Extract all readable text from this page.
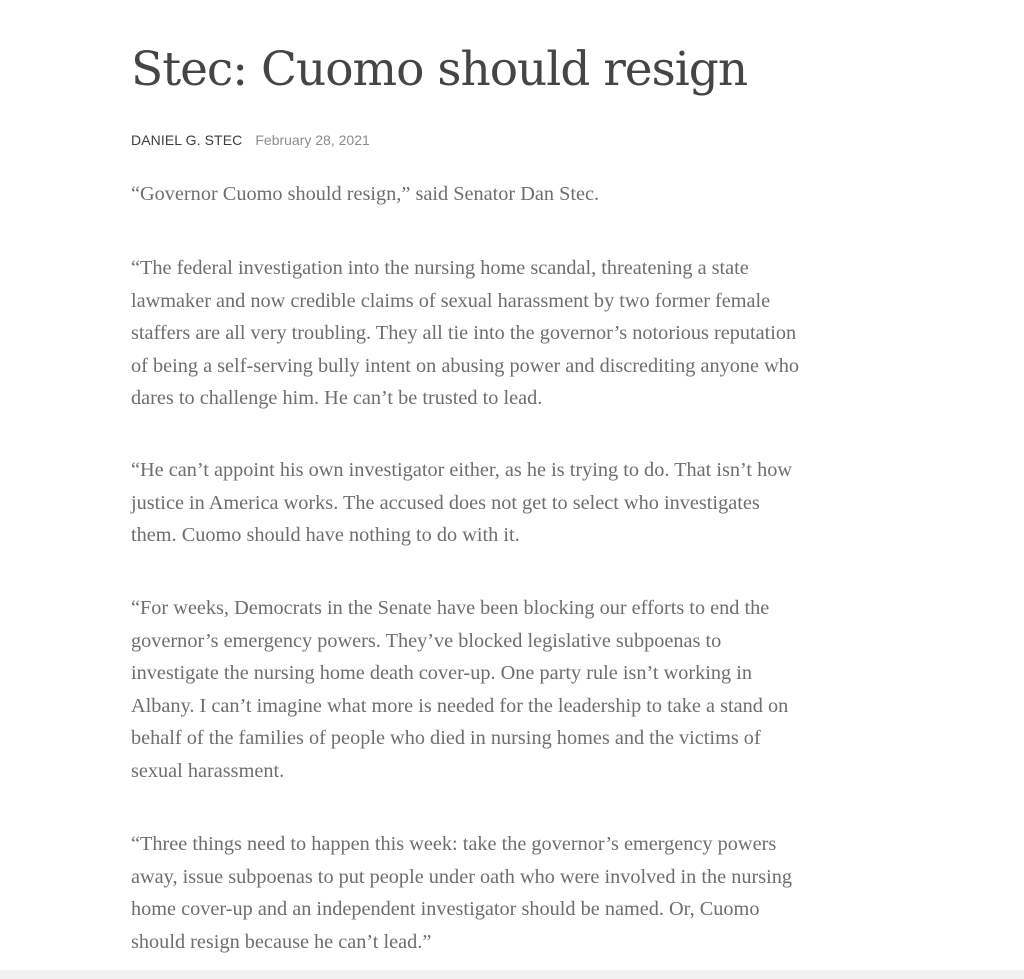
Stec: Cuomo should resign
DANIEL G. STEC February 28, 2021

“Governor Cuomo should resign,” said Senator Dan Stec.

“The federal investigation into the nursing home scandal, threatening a state
lawmaker and now credible claims of sexual harassment by two former female
staffers are all very troubling. They all tie into the governor’s notorious reputation
of being a self-serving bully intent on abusing power and discrediting anyone who
dares to challenge him. He can’t be trusted to lead.

“He can’t appoint his own investigator either, as he is trying to do. That isn’t how
justice in America works. The accused does not get to select who investigates
them. Cuomo should have nothing to do with it.

“For weeks, Democrats in the Senate have been blocking our efforts to end the
governor’s emergency powers. They’ve blocked legislative subpoenas to
investigate the nursing home death cover-up. One party rule isn’t working in
Albany. I can’t imagine what more is needed for the leadership to take a stand on
behalf of the families of people who died in nursing homes and the victims of
sexual harassment.

“Three things need to happen this week: take the governor’s emergency powers
away, issue subpoenas to put people under oath who were involved in the nursing
home cover-up and an independent investigator should be named. Or, Cuomo
should resign because he can’t lead.”
